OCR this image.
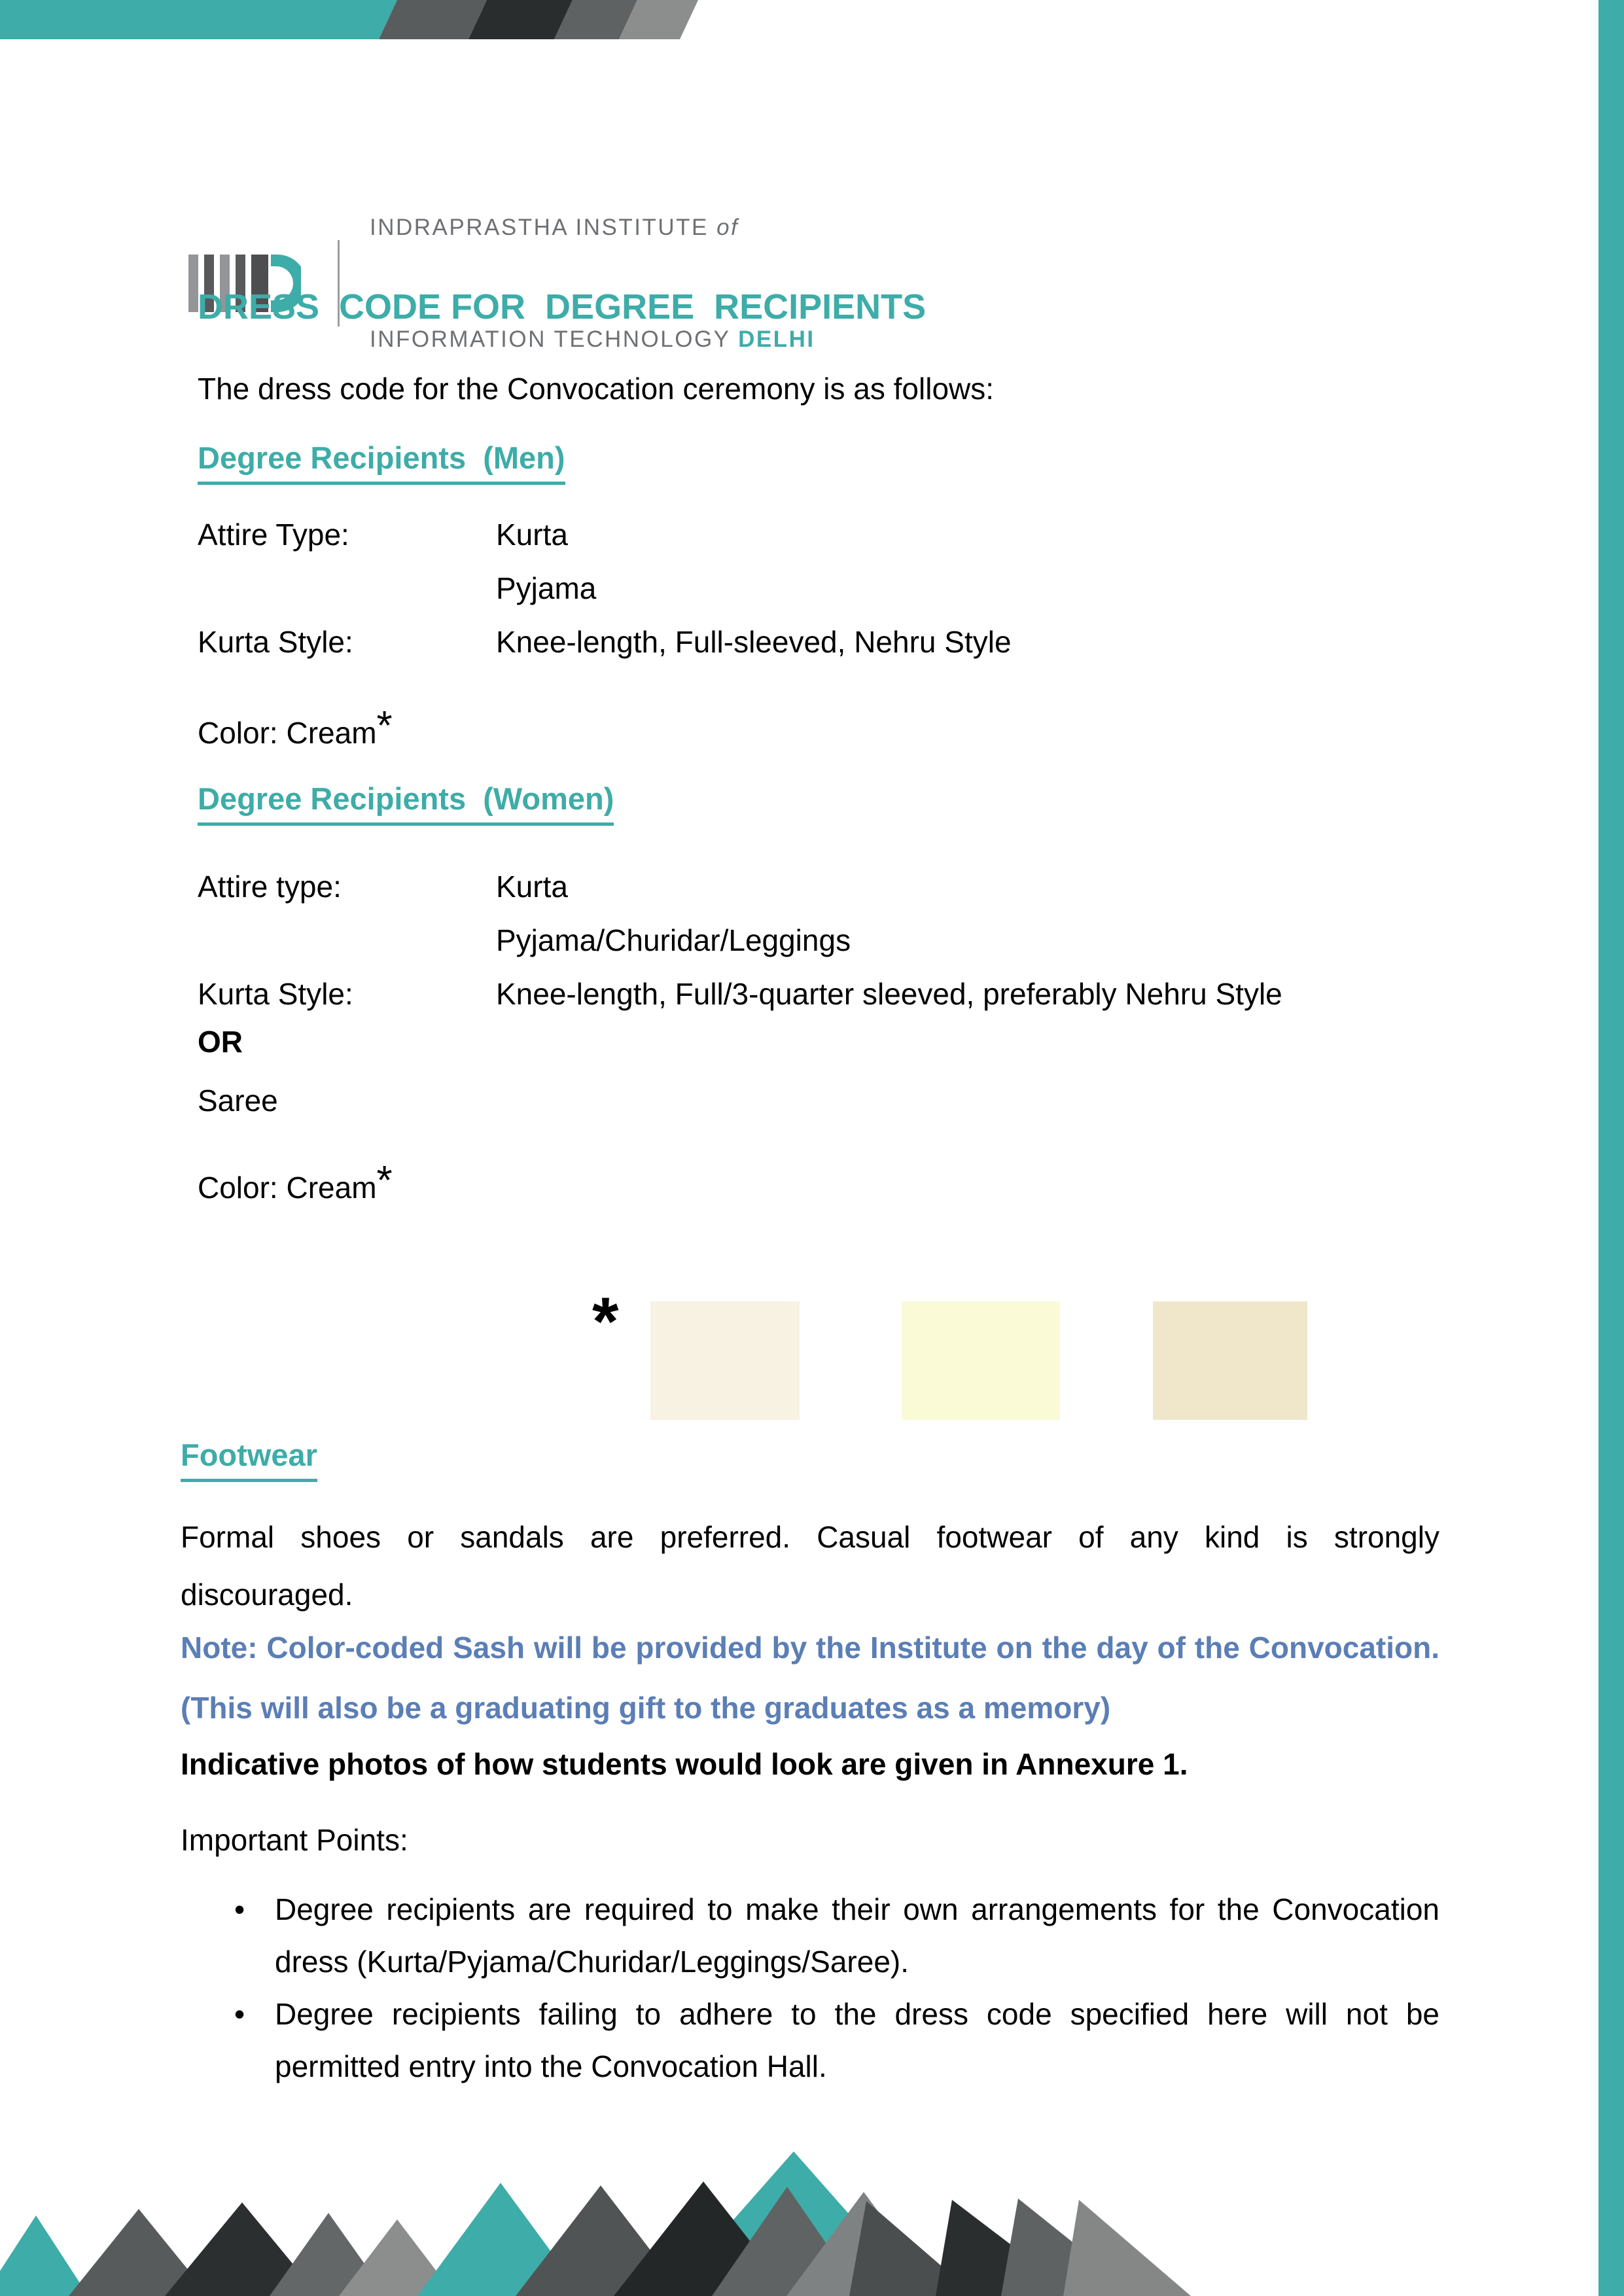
INDRAPRASTHA INSTITUTE of

INFORMATION TECHNOLOGY DELHI

DRESS  CODE FOR  DEGREE  RECIPIENTS

The dress code for the Convocation ceremony is as follows:

Degree Recipients  (Men)
Attire Type:	Kurta
Pyjama
Kurta Style:	Knee-length, Full-sleeved, Nehru Style
Color: Cream*
Degree Recipients  (Women)
Attire type:	Kurta
Pyjama/Churidar/Leggings
Kurta Style:	Knee-length, Full/3-quarter sleeved, preferably Nehru Style
OR
Saree
Color: Cream*
*
Footwear
Formal shoes or sandals are preferred. Casual footwear of any kind is strongly
discouraged.
Note: Color-coded Sash will be provided by the Institute on the day of the Convocation.
(This will also be a graduating gift to the graduates as a memory)
Indicative photos of how students would look are given in Annexure 1.
Important Points:
• Degree recipients are required to make their own arrangements for the Convocation
dress (Kurta/Pyjama/Churidar/Leggings/Saree).
• Degree recipients failing to adhere to the dress code specified here will not be
permitted entry into the Convocation Hall.
